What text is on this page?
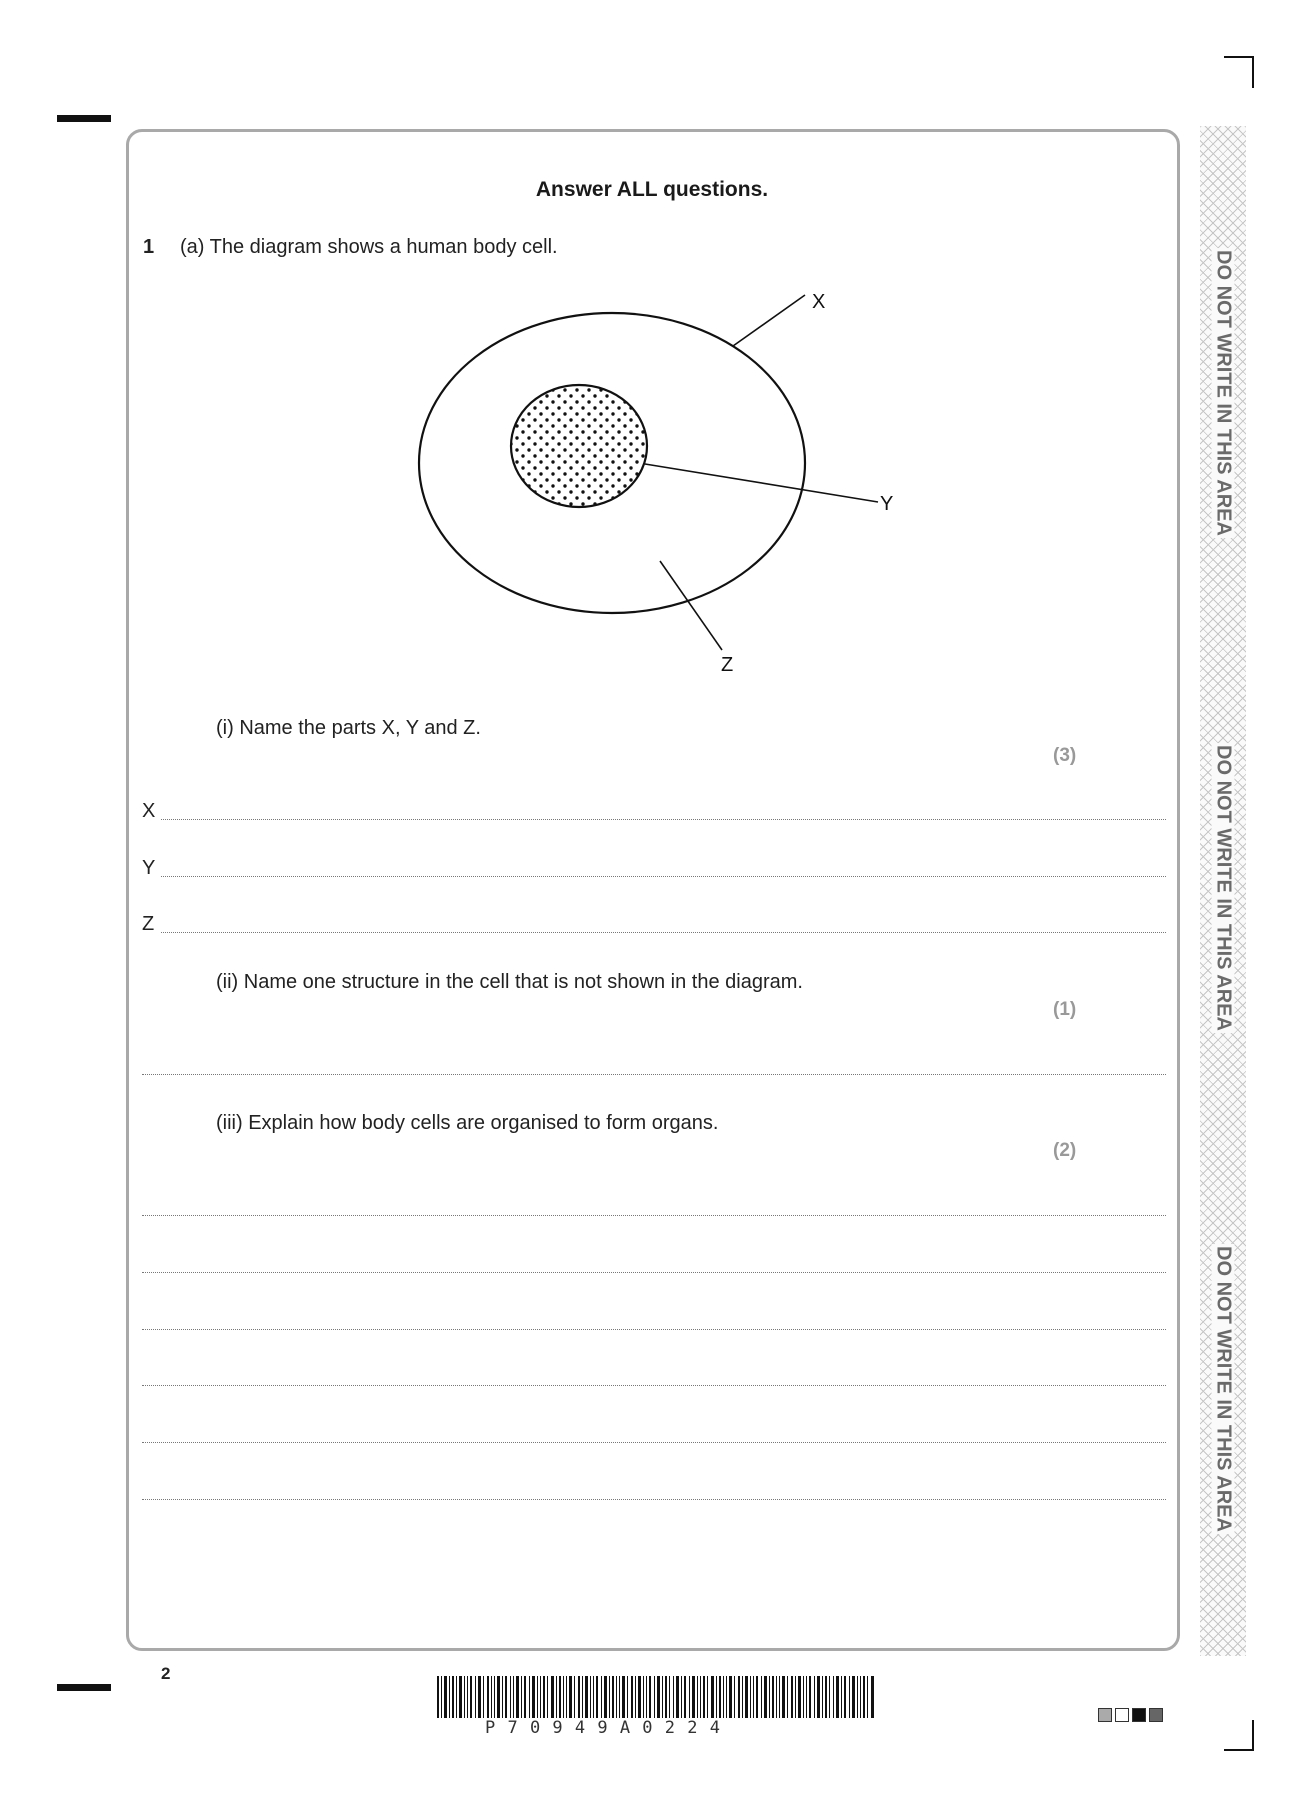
DO NOT WRITE IN THIS AREA
DO NOT WRITE IN THIS AREA
DO NOT WRITE IN THIS AREA
Answer ALL questions.
1 (a) The diagram shows a human body cell.
X
Y
Z
(i) Name the parts X, Y and Z.
(3)
X
Y
Z
(ii) Name one structure in the cell that is not shown in the diagram.
(1)
(iii) Explain how body cells are organised to form organs.
(2)
2
P 7 0 9 4 9 A 0 2 2 4
